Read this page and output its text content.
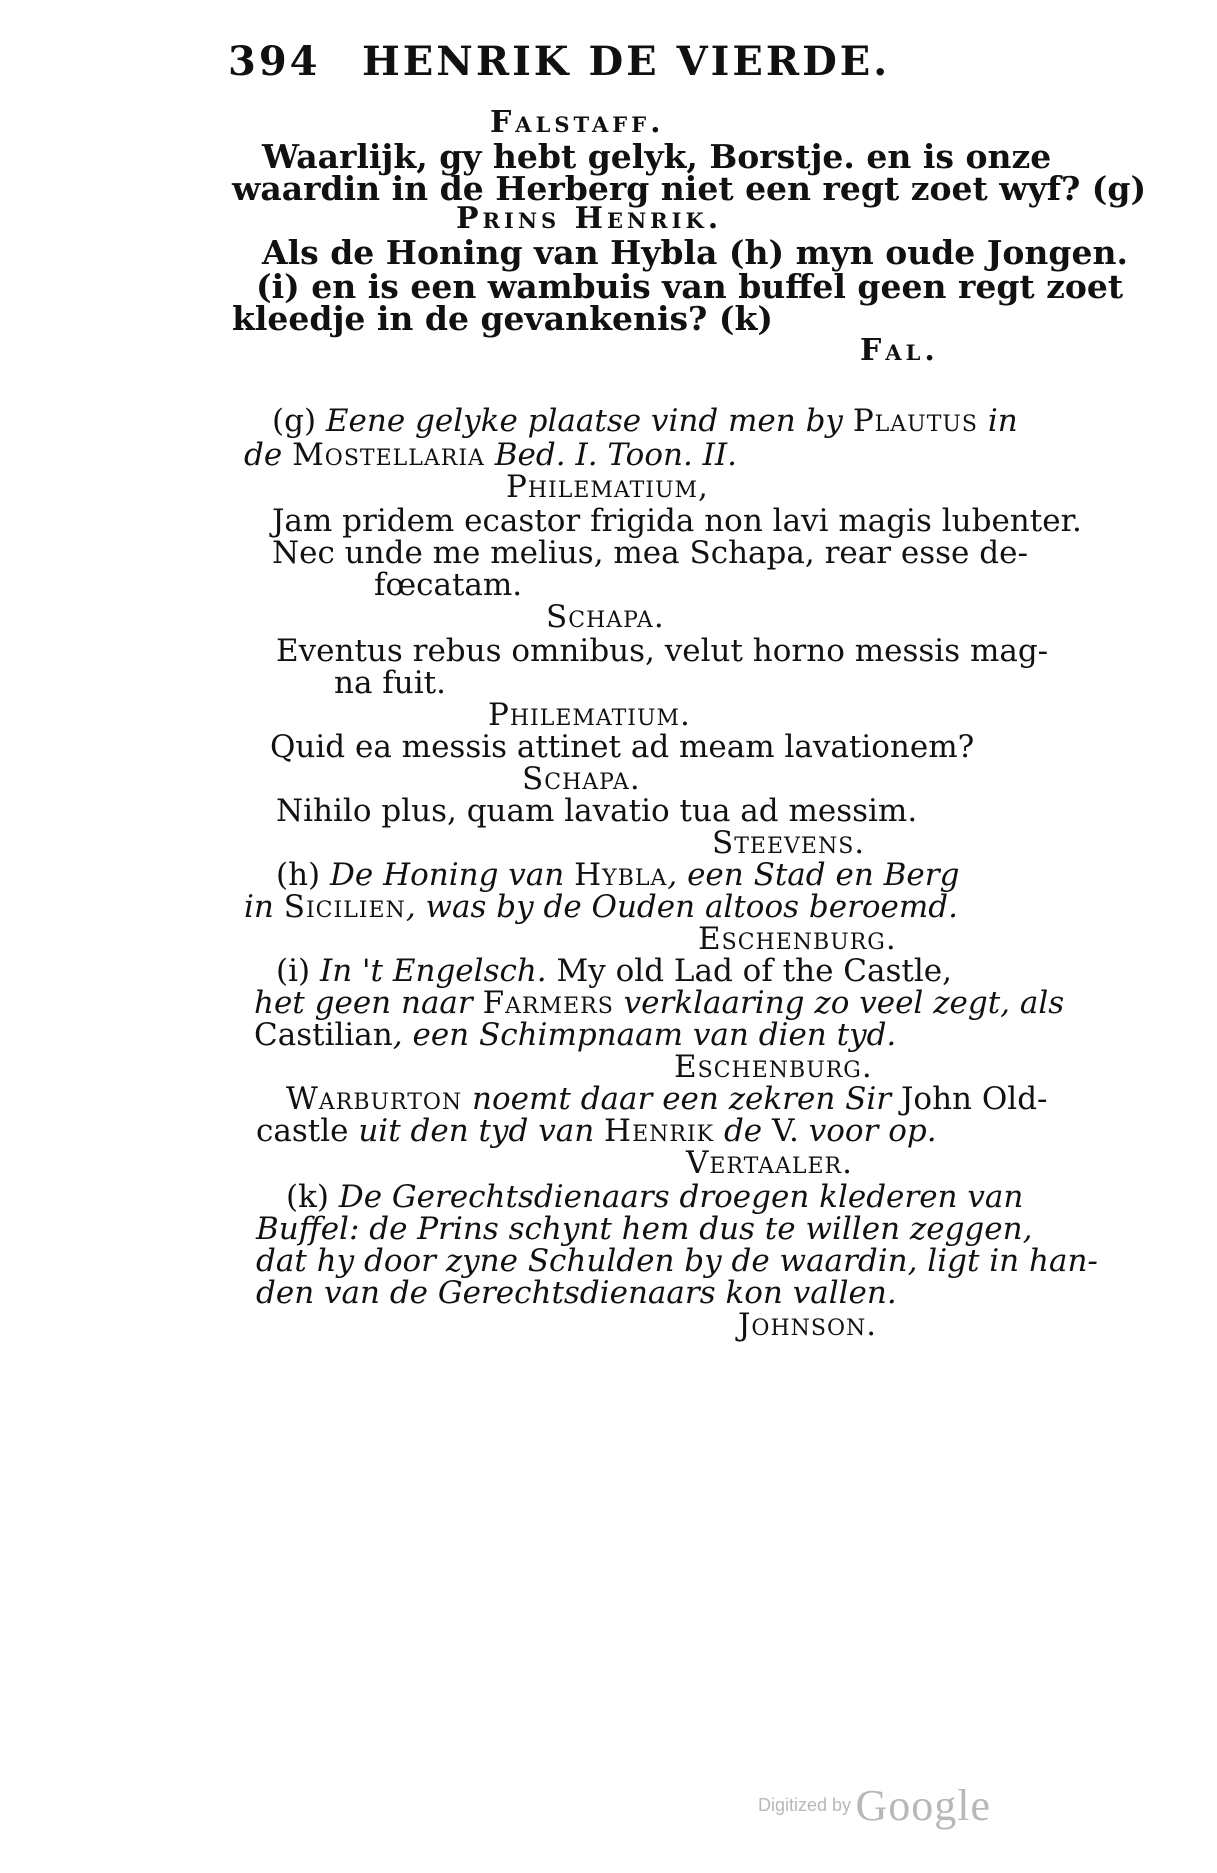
394 HENRIK DE VIERDE.
Falstaff.
Waarlijk, gy hebt gelyk, Borstje. en is onze
waardin in de Herberg niet een regt zoet wyf? (g)
Prins Henrik.
Als de Honing van Hybla (h) myn oude Jongen.
(i) en is een wambuis van buffel geen regt zoet
kleedje in de gevankenis? (k)
Fal.
(g) Eene gelyke plaatse vind men by Plautus in
de Mostellaria Bed. I. Toon. II.
Philematium,
Jam pridem ecastor frigida non lavi magis lubenter.
Nec unde me melius, mea Schapa, rear esse de-
fœcatam.
Schapa.
Eventus rebus omnibus, velut horno messis mag-
na fuit.
Philematium.
Quid ea messis attinet ad meam lavationem?
Schapa.
Nihilo plus, quam lavatio tua ad messim.
Steevens.
(h) De Honing van Hybla, een Stad en Berg
in Sicilien, was by de Ouden altoos beroemd.
Eschenburg.
(i) In 't Engelsch. My old Lad of the Castle,
het geen naar Farmers verklaaring zo veel zegt, als
Castilian, een Schimpnaam van dien tyd.
Eschenburg.
Warburton noemt daar een zekren Sir John Old-
castle uit den tyd van Henrik de V. voor op.
Vertaaler.
(k) De Gerechtsdienaars droegen klederen van
Buffel: de Prins schynt hem dus te willen zeggen,
dat hy door zyne Schulden by de waardin, ligt in han-
den van de Gerechtsdienaars kon vallen.
Johnson.
Digitized by Google
